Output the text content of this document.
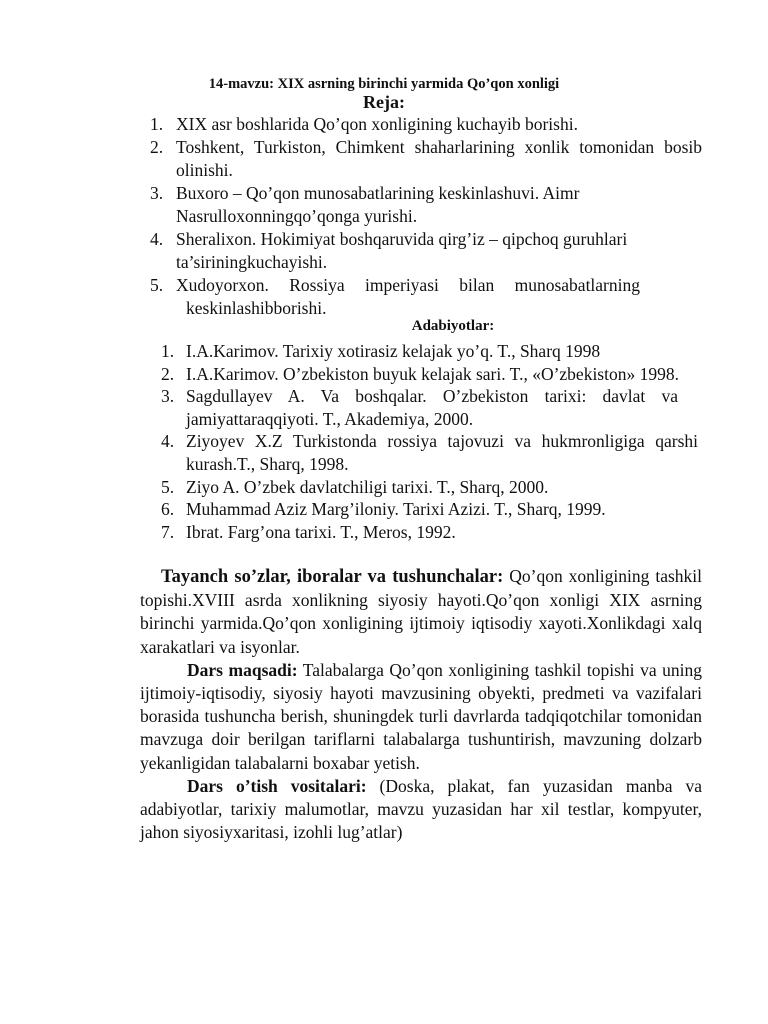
14-mavzu: XIX asrning birinchi yarmida Qo’qon xonligi
Reja:
1. XIX asr boshlarida Qo’qon xonligining kuchayib borishi.
2. Toshkent, Turkiston, Chimkent shaharlarining xonlik tomonidan bosib olinishi.
3. Buxoro – Qo’qon munosabatlarining keskinlashuvi. Aimr Nasrulloxonningqo’qonga yurishi.
4. Sheralixon. Hokimiyat boshqaruvida qirg’iz – qipchoq guruhlari ta’siriningkuchayishi.
5. Xudoyorxon. Rossiya imperiyasi bilan munosabatlarning
keskinlashibborishi.
Adabiyotlar:
1. I.A.Karimov. Tarixiy xotirasiz kelajak yo’q. T., Sharq 1998
2. I.A.Karimov. O’zbekiston buyuk kelajak sari. T., «O’zbekiston» 1998.
3. Sagdullayev A. Va boshqalar. O’zbekiston tarixi: davlat va jamiyattaraqqiyoti. T., Akademiya, 2000.
4. Ziyoyev X.Z Turkistonda rossiya tajovuzi va hukmronligiga qarshi kurash.T., Sharq, 1998.
5. Ziyo A. O’zbek davlatchiligi tarixi. T., Sharq, 2000.
6. Muhammad Aziz Marg’iloniy. Tarixi Azizi. T., Sharq, 1999.
7. Ibrat. Farg’ona tarixi. T., Meros, 1992.

Tayanch so’zlar, iboralar va tushunchalar: Qo’qon xonligining tashkil topishi.XVIII asrda xonlikning siyosiy hayoti.Qo’qon xonligi XIX asrning birinchi yarmida.Qo’qon xonligining ijtimoiy iqtisodiy xayoti.Xonlikdagi xalq xarakatlari va isyonlar.

Dars maqsadi: Talabalarga Qo’qon xonligining tashkil topishi va uning ijtimoiy-iqtisodiy, siyosiy hayoti mavzusining obyekti, predmeti va vazifalari borasida tushuncha berish, shuningdek turli davrlarda tadqiqotchilar tomonidan mavzuga doir berilgan tariflarni talabalarga tushuntirish, mavzuning dolzarb yekanligidan talabalarni boxabar yetish.

Dars o’tish vositalari: (Doska, plakat, fan yuzasidan manba va adabiyotlar, tarixiy malumotlar, mavzu yuzasidan har xil testlar, kompyuter, jahon siyosiyxaritasi, izohli lug’atlar)
